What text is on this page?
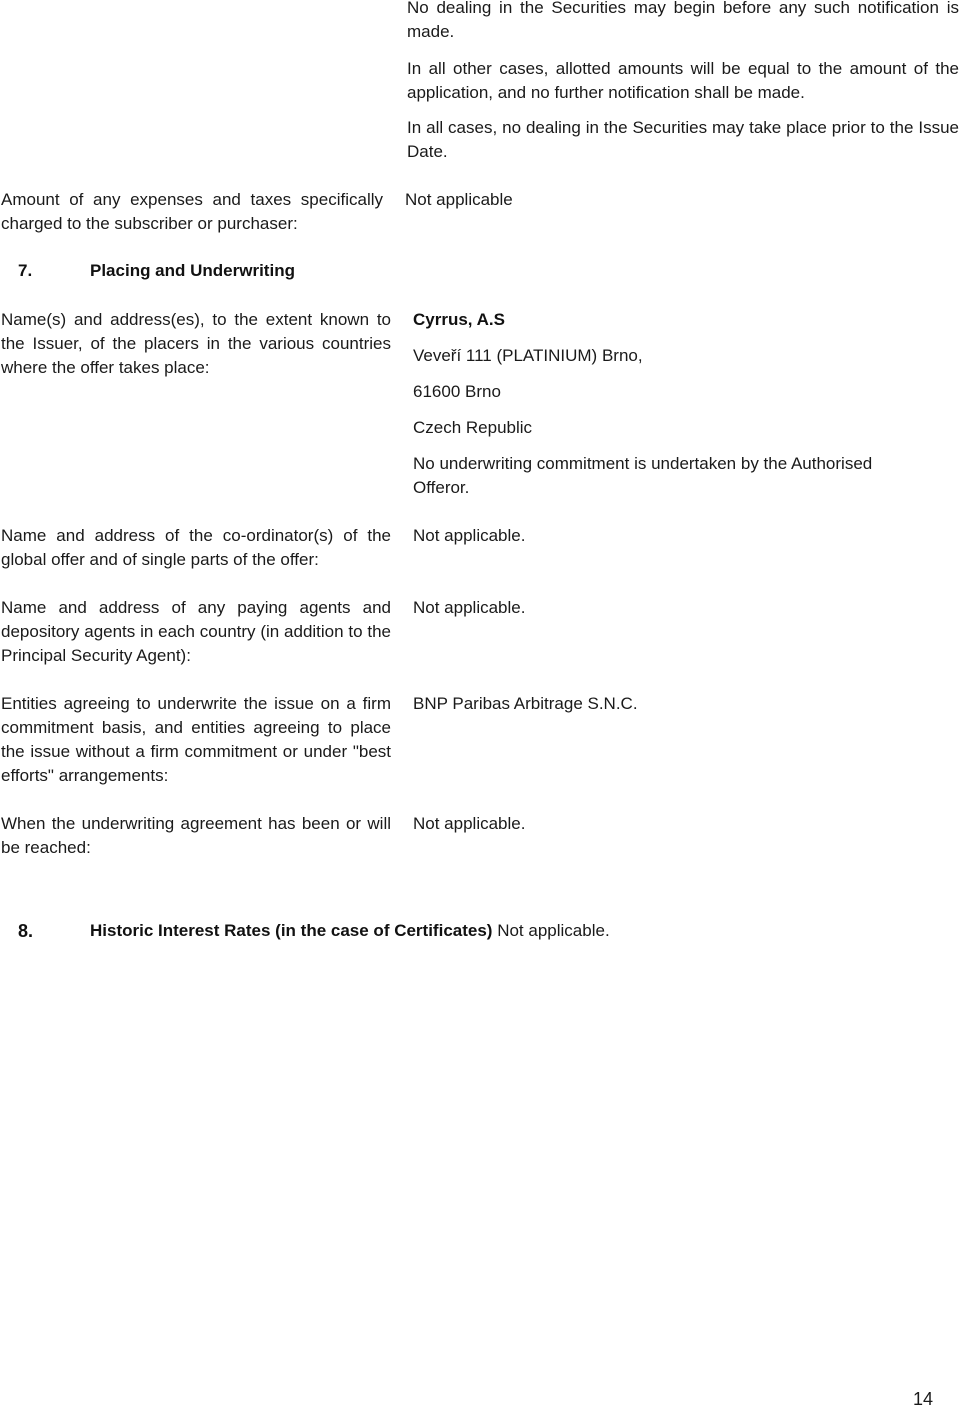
No dealing in the Securities may begin before any such notification is made.
In all other cases, allotted amounts will be equal to the amount of the application, and no further notification shall be made.
In all cases, no dealing in the Securities may take place prior to the Issue Date.
Amount of any expenses and taxes specifically charged to the subscriber or purchaser:
Not applicable
7.	Placing and Underwriting
Name(s) and address(es), to the extent known to the Issuer, of the placers in the various countries where the offer takes place:
Cyrrus, A.S
Veveří 111 (PLATINIUM) Brno,
61600 Brno
Czech Republic
No underwriting commitment is undertaken by the Authorised Offeror.
Name and address of the co-ordinator(s) of the global offer and of single parts of the offer:
Not applicable.
Name and address of any paying agents and depository agents in each country (in addition to the Principal Security Agent):
Not applicable.
Entities agreeing to underwrite the issue on a firm commitment basis, and entities agreeing to place the issue without a firm commitment or under "best efforts" arrangements:
BNP Paribas Arbitrage S.N.C.
When the underwriting agreement has been or will be reached:
Not applicable.
8.	Historic Interest Rates (in the case of Certificates) Not applicable.
14
